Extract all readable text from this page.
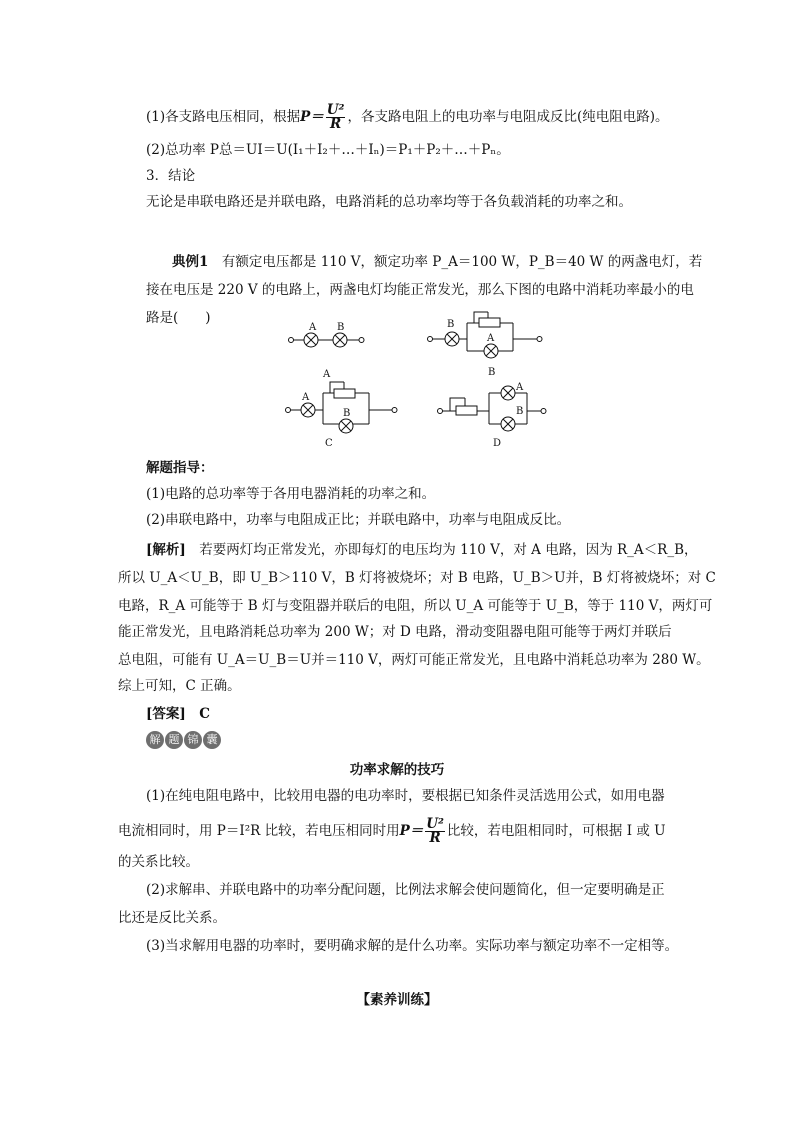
(1)各支路电压相同，根据$P= \frac{\text{U²}}{R}$ ，各支路电阻上的电功率与电阻成反比(纯电阻电路)。
(2)总功率 P总＝UI＝U(I₁＋I₂＋…＋Iₙ)＝P₁＋P₂＋…＋Pₙ。
3．结论
无论是串联电路还是并联电路，电路消耗的总功率均等于各负载消耗的功率之和。
典例1　 有额定电压都是 110 V，额定功率 P_A＝100 W，P_B＝40 W 的两盏电灯，若
接在电压是 220 V 的电路上，两盏电灯均能正常发光，那么下图的电路中消耗功率最小的电
路是(　　)
A B	B
A
B
A
A
B
C
A
B
D
解题指导：
(1)电路的总功率等于各用电器消耗的功率之和。
(2)串联电路中，功率与电阻成正比；并联电路中，功率与电阻成反比。
[解析]　 若要两灯均正常发光，亦即每灯的电压均为 110 V，对 A 电路，因为 R_A＜R_B，
所以 U_A＜U_B，即 U_B＞110 V，B 灯将被烧坏；对 B 电路，U_B＞U并，B 灯将被烧坏；对 C
电路，R_A 可能等于 B 灯与变阻器并联后的电阻，所以 U_A 可能等于 U_B，等于 110 V，两灯可
能正常发光，且电路消耗总功率为 200 W；对 D 电路，滑动变阻器电阻可能等于两灯并联后
总电阻，可能有 U_A＝U_B＝U并＝110 V，两灯可能正常发光，且电路中消耗总功率为 280 W。
综上可知，C 正确。
[答案]　 C
解 题 锦 囊
功率求解的技巧
(1)在纯电阻电路中，比较用电器的电功率时，要根据已知条件灵活选用公式，如用电器
电流相同时，用 P＝I²R 比较，若电压相同时用$P= \frac{\text{U²}}{R}$ 比较，若电阻相同时，可根据 I 或 U
的关系比较。
(2)求解串、并联电路中的功率分配问题，比例法求解会使问题简化，但一定要明确是正
比还是反比关系。
(3)当求解用电器的功率时，要明确求解的是什么功率。实际功率与额定功率不一定相等。
【素养训练】
